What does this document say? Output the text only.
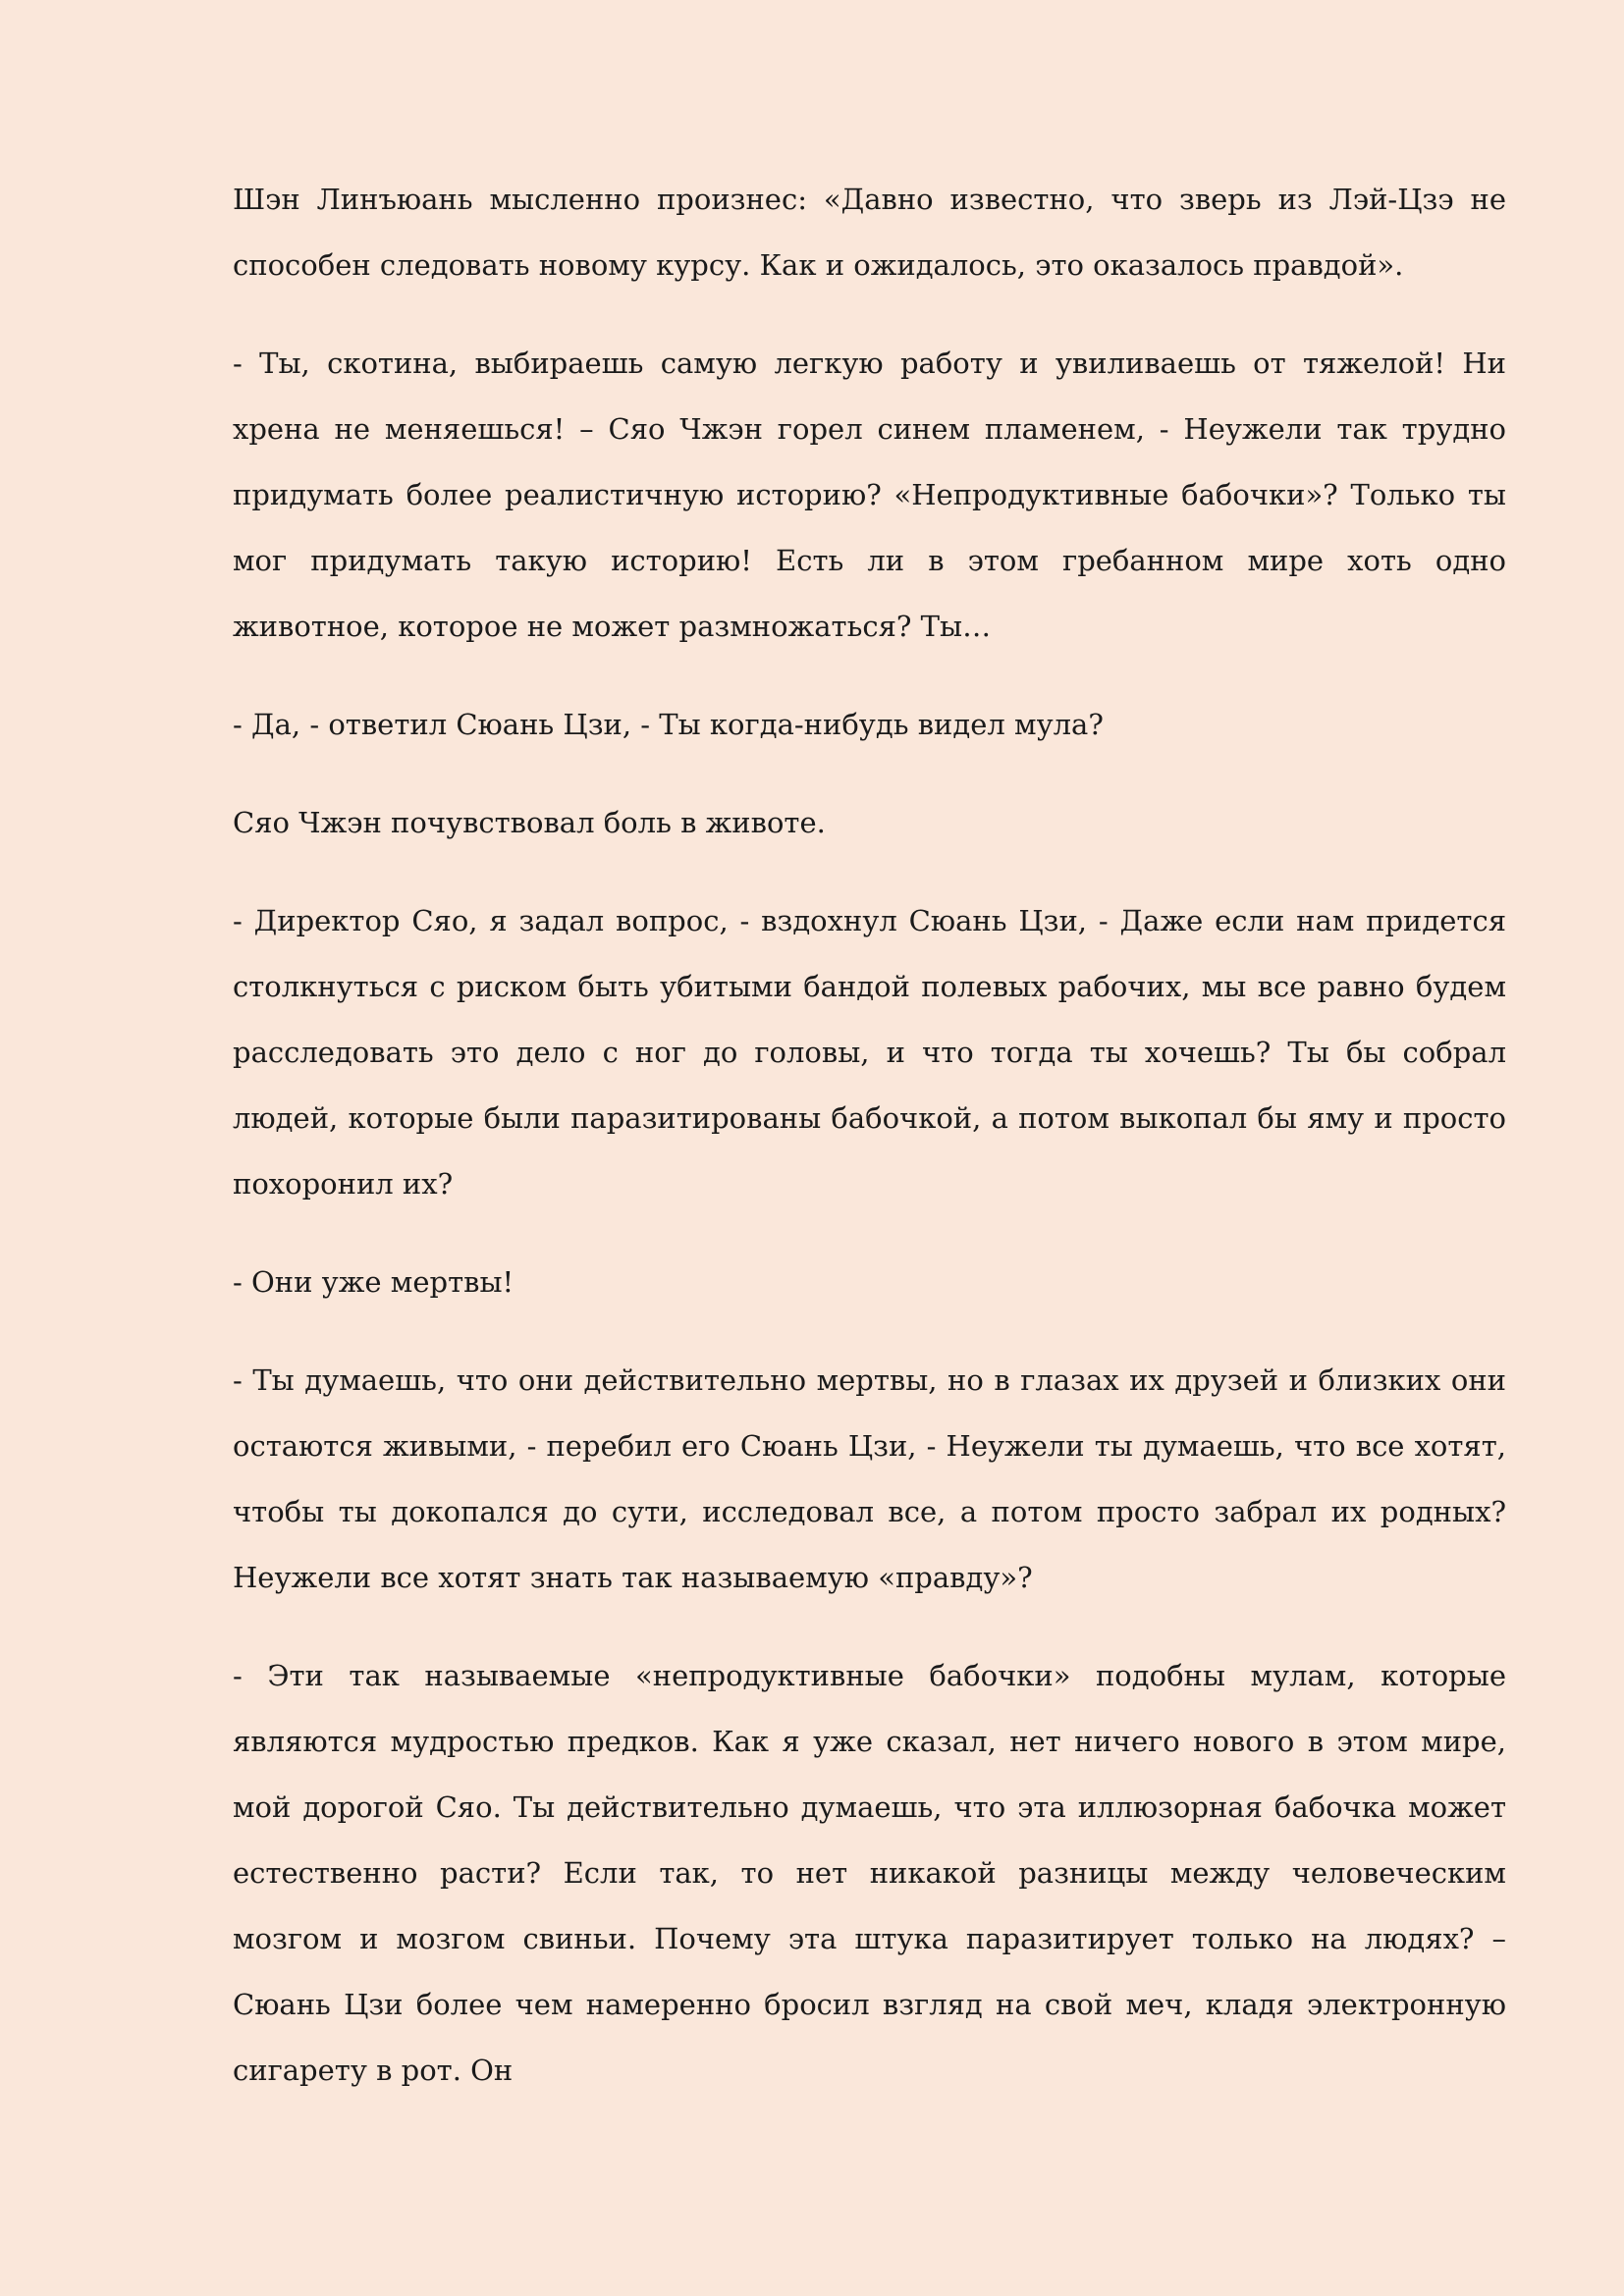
Шэн Линъюань мысленно произнес: «Давно известно, что зверь из Лэй-Цзэ не способен следовать новому курсу. Как и ожидалось, это оказалось правдой».

- Ты, скотина, выбираешь самую легкую работу и увиливаешь от тяжелой! Ни хрена не меняешься! – Сяо Чжэн горел синем пламенем, - Неужели так трудно придумать более реалистичную историю? «Непродуктивные бабочки»? Только ты мог придумать такую историю! Есть ли в этом гребанном мире хоть одно животное, которое не может размножаться? Ты…

- Да, - ответил Сюань Цзи, - Ты когда-нибудь видел мула?

Сяо Чжэн почувствовал боль в животе.

- Директор Сяо, я задал вопрос, - вздохнул Сюань Цзи, - Даже если нам придется столкнуться с риском быть убитыми бандой полевых рабочих, мы все равно будем расследовать это дело с ног до головы, и что тогда ты хочешь? Ты бы собрал людей, которые были паразитированы бабочкой, а потом выкопал бы яму и просто похоронил их?

- Они уже мертвы!

- Ты думаешь, что они действительно мертвы, но в глазах их друзей и близких они остаются живыми, - перебил его Сюань Цзи, - Неужели ты думаешь, что все хотят, чтобы ты докопался до сути, исследовал все, а потом просто забрал их родных? Неужели все хотят знать так называемую «правду»?

- Эти так называемые «непродуктивные бабочки» подобны мулам, которые являются мудростью предков. Как я уже сказал, нет ничего нового в этом мире, мой дорогой Сяо. Ты действительно думаешь, что эта иллюзорная бабочка может естественно расти? Если так, то нет никакой разницы между человеческим мозгом и мозгом свиньи. Почему эта штука паразитирует только на людях? – Сюань Цзи более чем намеренно бросил взгляд на свой меч, кладя электронную сигарету в рот. Он
